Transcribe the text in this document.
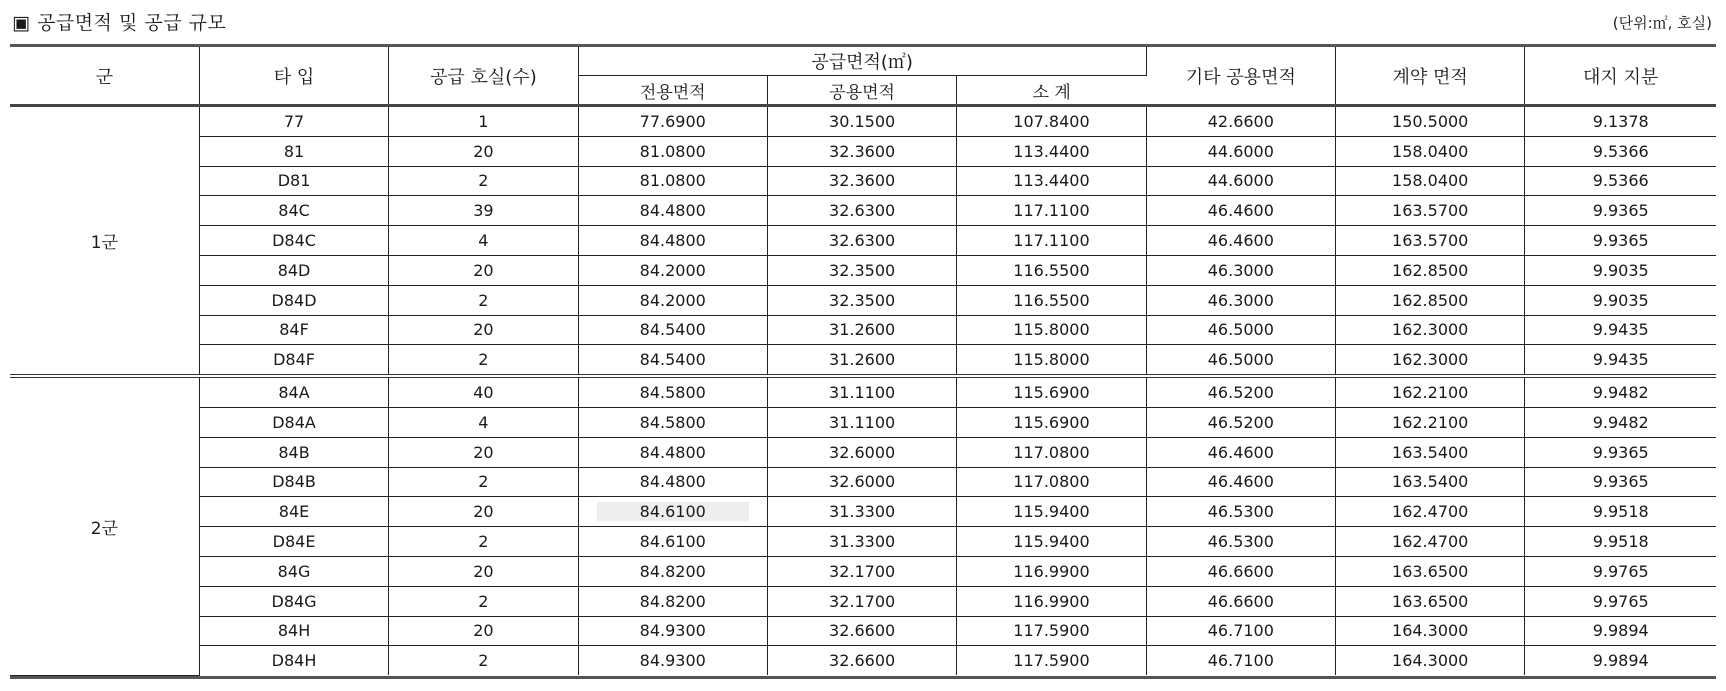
▣ 공급면적 및 공급 규모	(단위:㎡, 호실)
군	타 입	공급 호실(수)	공급면적(㎡)			기타 공용면적	계약 면적	대지 지분
			전용면적	공용면적	소 계			
1군	77	1	77.6900	30.1500	107.8400	42.6600	150.5000	9.1378
	81	20	81.0800	32.3600	113.4400	44.6000	158.0400	9.5366
	D81	2	81.0800	32.3600	113.4400	44.6000	158.0400	9.5366
	84C	39	84.4800	32.6300	117.1100	46.4600	163.5700	9.9365
	D84C	4	84.4800	32.6300	117.1100	46.4600	163.5700	9.9365
	84D	20	84.2000	32.3500	116.5500	46.3000	162.8500	9.9035
	D84D	2	84.2000	32.3500	116.5500	46.3000	162.8500	9.9035
	84F	20	84.5400	31.2600	115.8000	46.5000	162.3000	9.9435
	D84F	2	84.5400	31.2600	115.8000	46.5000	162.3000	9.9435
2군	84A	40	84.5800	31.1100	115.6900	46.5200	162.2100	9.9482
	D84A	4	84.5800	31.1100	115.6900	46.5200	162.2100	9.9482
	84B	20	84.4800	32.6000	117.0800	46.4600	163.5400	9.9365
	D84B	2	84.4800	32.6000	117.0800	46.4600	163.5400	9.9365
	84E	20	84.6100	31.3300	115.9400	46.5300	162.4700	9.9518
	D84E	2	84.6100	31.3300	115.9400	46.5300	162.4700	9.9518
	84G	20	84.8200	32.1700	116.9900	46.6600	163.6500	9.9765
	D84G	2	84.8200	32.1700	116.9900	46.6600	163.6500	9.9765
	84H	20	84.9300	32.6600	117.5900	46.7100	164.3000	9.9894
	D84H	2	84.9300	32.6600	117.5900	46.7100	164.3000	9.9894
